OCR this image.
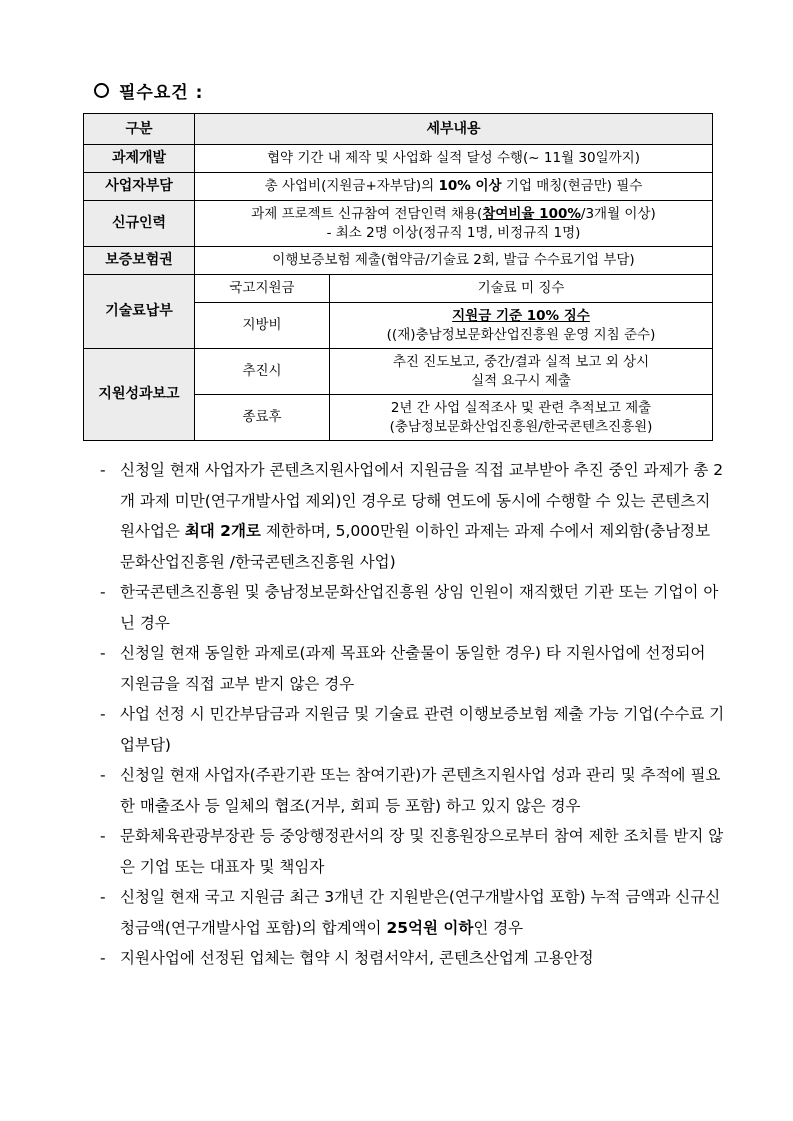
필수요건 :
구분	세부내용	
과제개발	협약 기간 내 제작 및 사업화 실적 달성 수행(~ 11월 30일까지)	
사업자부담	총 사업비(지원금+자부담)의 10% 이상 기업 매칭(현금만) 필수	
신규인력	과제 프로젝트 신규참여 전담인력 채용(참여비율 100%/3개월 이상)
- 최소 2명 이상(정규직 1명, 비정규직 1명)	

보증보험권	이행보증보험 제출(협약금/기술료 2회, 발급 수수료기업 부담)	
기술료납부	국고지원금	기술료 미 징수
	지방비	지원금 기준 10% 징수
((재)충남정보문화산업진흥원 운영 지침 준수)

지원성과보고	추진시	추진 진도보고, 중간/결과 실적 보고 외 상시
실적 요구시 제출

	종료후	2년 간 사업 실적조사 및 관련 추적보고 제출
(충남정보문화산업진흥원/한국콘텐츠진흥원)
- 신청일 현재 사업자가 콘텐츠지원사업에서 지원금을 직접 교부받아 추진 중인 과제가 총 2개 과제 미만(연구개발사업 제외)인 경우로 당해 연도에 동시에 수행할 수 있는 콘텐츠지원사업은 최대 2개로 제한하며, 5,000만원 이하인 과제는 과제 수에서 제외함(충남정보문화산업진흥원 /한국콘텐츠진흥원 사업)
- 한국콘텐츠진흥원 및 충남정보문화산업진흥원 상임 인원이 재직했던 기관 또는 기업이 아닌 경우
- 신청일 현재 동일한 과제로(과제 목표와 산출물이 동일한 경우) 타 지원사업에 선정되어 지원금을 직접 교부 받지 않은 경우
- 사업 선정 시 민간부담금과 지원금 및 기술료 관련 이행보증보험 제출 가능 기업(수수료 기업부담)
- 신청일 현재 사업자(주관기관 또는 참여기관)가 콘텐츠지원사업 성과 관리 및 추적에 필요한 매출조사 등 일체의 협조(거부, 회피 등 포함) 하고 있지 않은 경우
- 문화체육관광부장관 등 중앙행정관서의 장 및 진흥원장으로부터 참여 제한 조치를 받지 않은 기업 또는 대표자 및 책임자
- 신청일 현재 국고 지원금 최근 3개년 간 지원받은(연구개발사업 포함) 누적 금액과 신규신청금액(연구개발사업 포함)의 합계액이 25억원 이하인 경우
- 지원사업에 선정된 업체는 협약 시 청렴서약서, 콘텐츠산업계 고용안정
